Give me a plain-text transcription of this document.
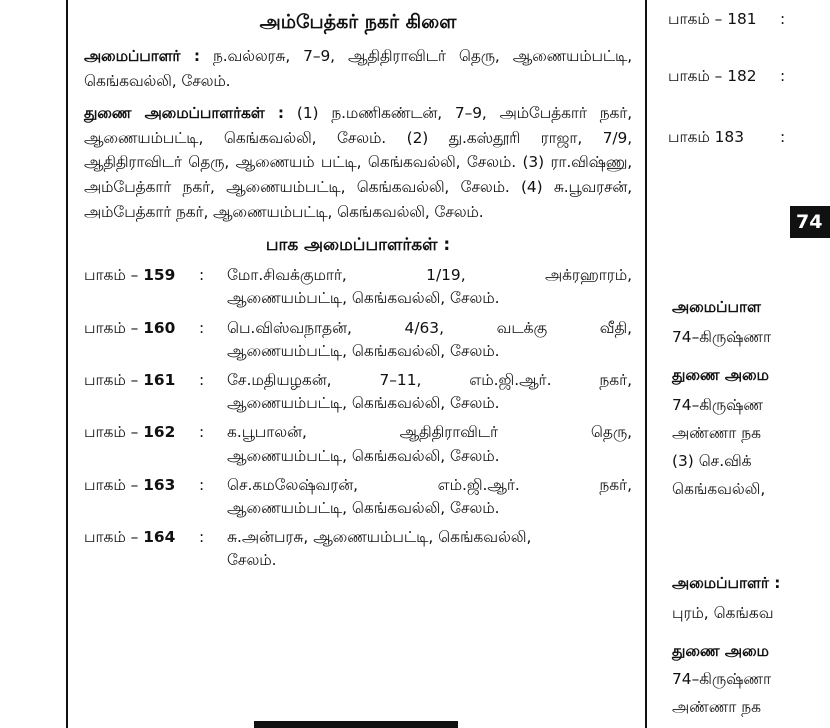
அம்பேத்கர் நகர் கிளை

அமைப்பாளர் : ந.வல்லரசு, 7–9, ஆதிதிராவிடர் தெரு, ஆணையம்பட்டி, கெங்கவல்லி, சேலம்.

துணை அமைப்பாளர்கள் : (1) ந.மணிகண்டன், 7–9, அம்பேத்கார் நகர், ஆணையம்பட்டி, கெங்கவல்லி, சேலம். (2) து.கஸ்தூரி ராஜா, 7/9, ஆதிதிராவிடர் தெரு, ஆணையம் பட்டி, கெங்கவல்லி, சேலம். (3) ரா.விஷ்ணு, அம்பேத்கார் நகர், ஆணையம்பட்டி, கெங்கவல்லி, சேலம். (4) சு.பூவரசன், அம்பேத்கார் நகர், ஆணையம்பட்டி, கெங்கவல்லி, சேலம்.

பாக அமைப்பாளர்கள் :
பாகம் – 159	:	மோ.சிவக்குமார், 1/19, அக்ரஹாரம்,
ஆணையம்பட்டி, கெங்கவல்லி, சேலம்.
பாகம் – 160	:	பெ.விஸ்வநாதன், 4/63, வடக்கு வீதி,
ஆணையம்பட்டி, கெங்கவல்லி, சேலம்.
பாகம் – 161	:	சே.மதியழகன், 7–11, எம்.ஜி.ஆர். நகர்,
ஆணையம்பட்டி, கெங்கவல்லி, சேலம்.
பாகம் – 162	:	க.பூபாலன், ஆதிதிராவிடர் தெரு,
ஆணையம்பட்டி, கெங்கவல்லி, சேலம்.
பாகம் – 163	:	செ.கமலேஷ்வரன், எம்.ஜி.ஆர். நகர்,
ஆணையம்பட்டி, கெங்கவல்லி, சேலம்.
பாகம் – 164	:	சு.அன்பரசு, ஆணையம்பட்டி, கெங்கவல்லி,
சேலம்.
பாகம் – 181 :
பாகம் – 182 :
பாகம் 183 :
74
அமைப்பாள
74–கிருஷ்ணா
துணை அமை
74–கிருஷ்ண
அண்ணா நக
(3) செ.விக்
கெங்கவல்லி,
அமைப்பாளர் :
புரம், கெங்கவ
துணை அமை
74–கிருஷ்ணா
அண்ணா நக
